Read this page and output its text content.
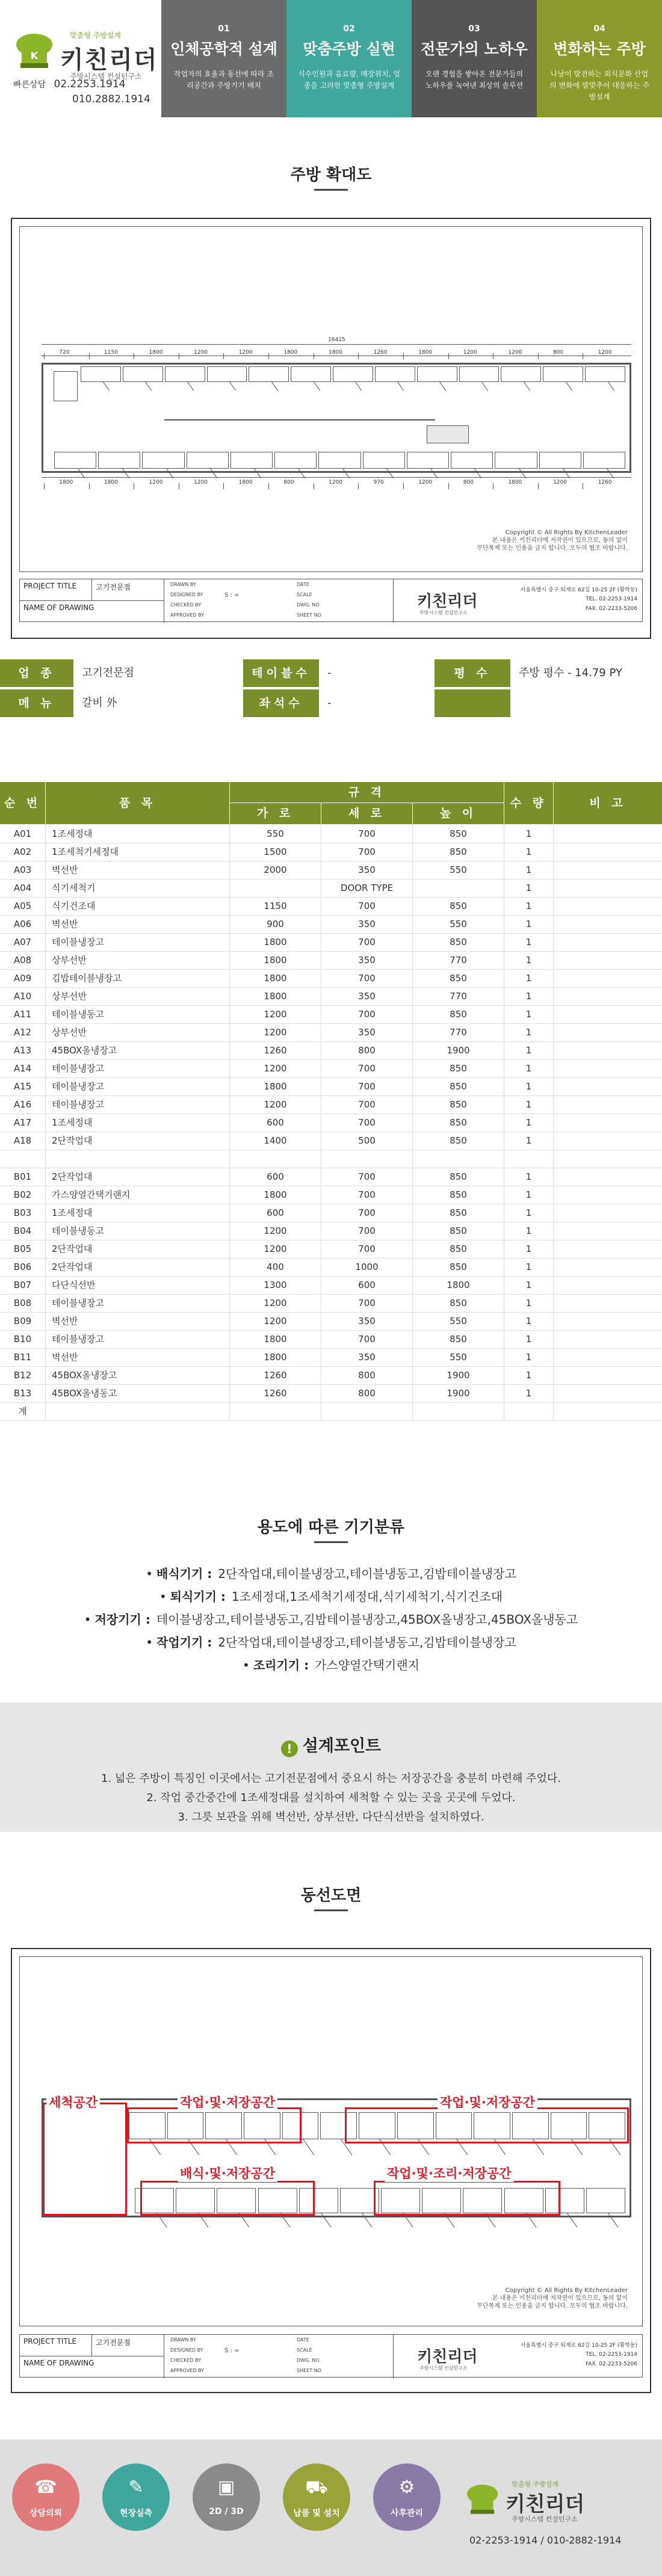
K
맞춤형 주방설계
키친리더
주방시스템 컨설턴구소
빠른상담 02.2253.1914
010.2882.1914
01
인체공학적 설계
작업자의 효율과 동선에 따라 조리공간과 주방기기 배치
02
맞춤주방 실현
식수인원과 음료량, 매장위치, 업종을 고려한 맞춤형 주방설계
03
전문가의 노하우
오랜 경험을 쌓아온 전문가들의 노하우를 녹여낸 최상의 솔루션
04
변화하는 주방
나날이 발전하는 외식문화 산업의 변화에 발맞추어 대응하는 주방설계
주방 확대도
16415
720	1150	1800	1200	1200	1800	1800	1260	1800	1200	1200	800	1200
1800	1800	1200	1200	1800	800	1200	970	1200	800	1800	1200	1260
Copyright © All Rights By KitchenLeader
본 내용은 키친리더에 저작권이 있으므로, 동의 없이
무단복제 또는 인용을 금지 합니다. 모두의 협조 바랍니다.
PROJECT TITLE	고기전문점
NAME OF DRAWING
DRAWN BY
DESIGNED BY
CHECKED BY
APPROVED BY
S : =
DATE
SCALE
DWG. NO
SHEET NO
키친리더
주방시스템 컨설턴구소
서울특별시 중구 퇴계로 62길 10-25 2F (황학동)
TEL. 02-2253-1914
FAX. 02-2233-5206
업 종	고기전문점	테이블수	-	평 수	주방 평수 - 14.79 PY
메 뉴	갈비 外	좌석수	-
순 번	품 목
규 격
가 로	세 로	높 이
수 량	비 고
A01	1조세정대	550	700	850	1
A02	1조세척기세정대	1500	700	850	1
A03	벽선반	2000	350	550	1
A04	식기세척기	DOOR TYPE	1
A05	식기건조대	1150	700	850	1
A06	벽선반	900	350	550	1
A07	테이블냉장고	1800	700	850	1
A08	상부선반	1800	350	770	1
A09	김밥테이블냉장고	1800	700	850	1
A10	상부선반	1800	350	770	1
A11	테이블냉동고	1200	700	850	1
A12	상부선반	1200	350	770	1
A13	45BOX올냉장고	1260	800	1900	1
A14	테이블냉장고	1200	700	850	1
A15	테이블냉장고	1800	700	850	1
A16	테이블냉장고	1200	700	850	1
A17	1조세정대	600	700	850	1
A18	2단작업대	1400	500	850	1
B01	2단작업대	600	700	850	1
B02	가스양열간택기랜지	1800	700	850	1
B03	1조세정대	600	700	850	1
B04	테이블냉동고	1200	700	850	1
B05	2단작업대	1200	700	850	1
B06	2단작업대	400	1000	850	1
B07	다단식선반	1300	600	1800	1
B08	테이블냉장고	1200	700	850	1
B09	벽선반	1200	350	550	1
B10	테이블냉장고	1800	700	850	1
B11	벽선반	1800	350	550	1
B12	45BOX올냉장고	1260	800	1900	1
B13	45BOX올냉동고	1260	800	1900	1
계
용도에 따른 기기분류
• 배식기기 : 2단작업대,테이블냉장고,테이블냉동고,김밥테이블냉장고
• 퇴식기기 : 1조세정대,1조세척기세정대,식기세척기,식기건조대
• 저장기기 : 테이블냉장고,테이블냉동고,김밥테이블냉장고,45BOX올냉장고,45BOX올냉동고
• 작업기기 : 2단작업대,테이블냉장고,테이블냉동고,김밥테이블냉장고
• 조리기기 : 가스양열간택기랜지
! 설계포인트
1. 넓은 주방이 특징인 이곳에서는 고기전문점에서 중요시 하는 저장공간을 충분히 마련해 주었다.
2. 작업 중간중간에 1조세정대를 설치하여 세척할 수 있는 곳을 곳곳에 두었다.
3. 그릇 보관을 위해 벽선반, 상부선반, 다단식선반을 설치하였다.
동선도면
세척공간	작업·및·저장공간	작업·및·저장공간
배식·및·저장공간	작업·및·조리·저장공간
Copyright © All Rights By KitchenLeader
본 내용은 키친리더에 저작권이 있으므로, 동의 없이
무단복제 또는 인용을 금지 합니다. 모두의 협조 바랍니다.
PROJECT TITLE	고기전문점
NAME OF DRAWING
DRAWN BY
DESIGNED BY
CHECKED BY
APPROVED BY
S : =
DATE
SCALE
DWG. NO
SHEET NO
키친리더
주방시스템 컨설턴구소
서울특별시 중구 퇴계로 62길 10-25 2F (황학동)
TEL. 02-2253-1914
FAX. 02-2233-5206
☎
상담의뢰
✎
현장실측
▣
2D / 3D
⛟
납품 및 설치
⚙
사후관리
맞춤형 주방설계
키친리더
주방시스템 컨설턴구소
02-2253-1914 / 010-2882-1914
